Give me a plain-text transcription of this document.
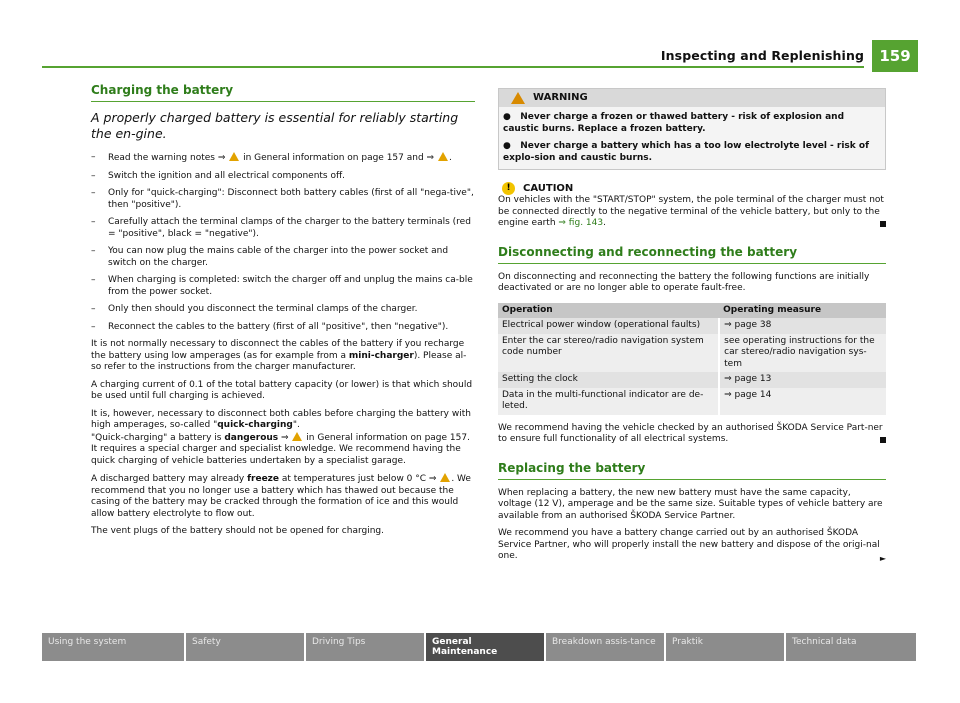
Inspecting and Replenishing	159
Charging the battery
A properly charged battery is essential for reliably starting the en-gine.
– Read the warning notes ⇒  in General information on page 157 and ⇒ .
– Switch the ignition and all electrical components off.
– Only for "quick-charging": Disconnect both battery cables (first of all "nega-tive", then "positive").
– Carefully attach the terminal clamps of the charger to the battery terminals (red = "positive", black = "negative").
– You can now plug the mains cable of the charger into the power socket and switch on the charger.
– When charging is completed: switch the charger off and unplug the mains ca-ble from the power socket.
– Only then should you disconnect the terminal clamps of the charger.
– Reconnect the cables to the battery (first of all "positive", then "negative").

It is not normally necessary to disconnect the cables of the battery if you recharge the battery using low amperages (as for example from a mini-charger). Please al-so refer to the instructions from the charger manufacturer.

A charging current of 0.1 of the total battery capacity (or lower) is that which should be used until full charging is achieved.

It is, however, necessary to disconnect both cables before charging the battery with high amperages, so-called "quick-charging".

"Quick-charging" a battery is dangerous ⇒  in General information on page 157. It requires a special charger and specialist knowledge. We recommend having the quick charging of vehicle batteries undertaken by a specialist garage.

A discharged battery may already freeze at temperatures just below 0 °C ⇒ . We recommend that you no longer use a battery which has thawed out because the casing of the battery may be cracked through the formation of ice and this would allow battery electrolyte to flow out.

The vent plugs of the battery should not be opened for charging.

WARNING

● Never charge a frozen or thawed battery - risk of explosion and caustic burns. Replace a frozen battery.

● Never charge a battery which has a too low electrolyte level - risk of explo-sion and caustic burns.

!	CAUTION
On vehicles with the "START/STOP" system, the pole terminal of the charger must not be connected directly to the negative terminal of the vehicle battery, but only to the engine earth ⇒ fig. 143.
Disconnecting and reconnecting the battery

On disconnecting and reconnecting the battery the following functions are initially deactivated or are no longer able to operate fault-free.

Operation	Operating measure
Electrical power window (operational faults)	⇒ page 38
Enter the car stereo/radio navigation system code number	see operating instructions for the car stereo/radio navigation sys-tem
Setting the clock	⇒ page 13
Data in the multi-functional indicator are de-leted.	⇒ page 14

We recommend having the vehicle checked by an authorised ŠKODA Service Part-ner to ensure full functionality of all electrical systems.

Replacing the battery

When replacing a battery, the new new battery must have the same capacity, voltage (12 V), amperage and be the same size. Suitable types of vehicle battery are available from an authorised ŠKODA Service Partner.

We recommend you have a battery change carried out by an authorised ŠKODA Service Partner, who will properly install the new battery and dispose of the origi-nal one.	►

Using the system	Safety	Driving Tips	General Maintenance
Breakdown assis-tance	Praktik	Technical data
